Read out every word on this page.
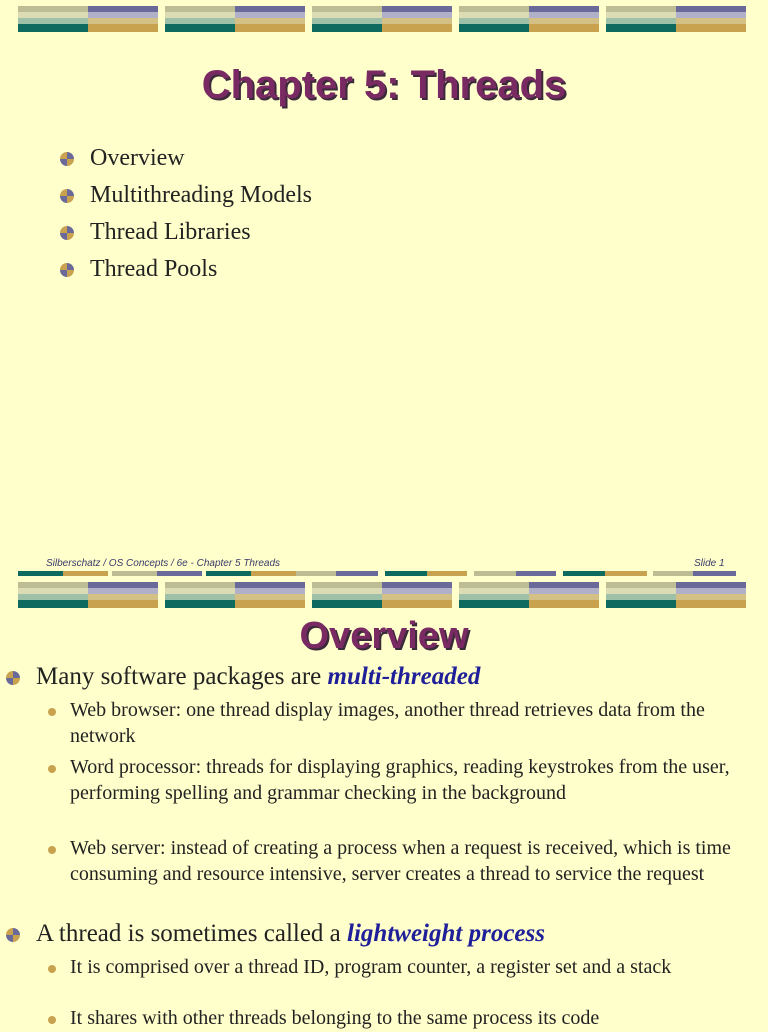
Chapter 5: Threads
Overview
Multithreading Models
Thread Libraries
Thread Pools
Silberschatz / OS Concepts / 6e - Chapter 5 Threads	Slide 1
Overview
Many software packages are multi-threaded
Web browser: one thread display images, another thread retrieves data from the network
Word processor: threads for displaying graphics, reading keystrokes from the user, performing spelling and grammar checking in the background
Web server: instead of creating a process when a request is received, which is time consuming and resource intensive, server creates a thread to service the request
A thread is sometimes called a lightweight process
It is comprised over a thread ID, program counter, a register set and a stack
It shares with other threads belonging to the same process its code
